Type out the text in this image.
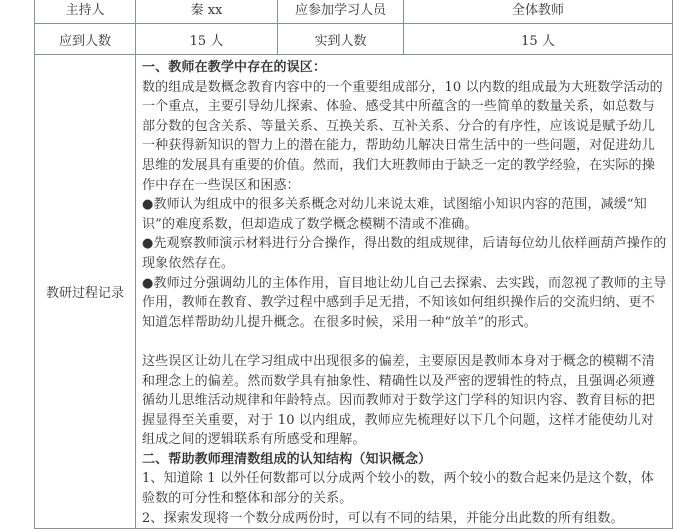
主持人	秦 xx	应参加学习人员	全体教师
应到人数	15 人	实到人数	15 人
教研过程记录	

一、教师在教学中存在的误区：

数的组成是数概念教育内容中的一个重要组成部分，10 以内数的组成最为大班数学活动的一个重点，主要引导幼儿探索、体验、感受其中所蕴含的一些简单的数量关系，如总数与部分数的包含关系、等量关系、互换关系、互补关系、分合的有序性，应该说是赋予幼儿一种获得新知识的智力上的潜在能力，帮助幼儿解决日常生活中的一些问题，对促进幼儿思维的发展具有重要的价值。然而，我们大班教师由于缺乏一定的教学经验，在实际的操作中存在一些误区和困惑：

●教师认为组成中的很多关系概念对幼儿来说太难，试图缩小知识内容的范围，减缓“知识”的难度系数，但却造成了数学概念模糊不清或不准确。

●先观察教师演示材料进行分合操作，得出数的组成规律，后请每位幼儿依样画葫芦操作的现象依然存在。

●教师过分强调幼儿的主体作用，盲目地让幼儿自己去探索、去实践，而忽视了教师的主导作用，教师在教育、教学过程中感到手足无措，不知该如何组织操作后的交流归纳、更不知道怎样帮助幼儿提升概念。在很多时候，采用一种“放羊”的形式。

这些误区让幼儿在学习组成中出现很多的偏差，主要原因是教师本身对于概念的模糊不清和理念上的偏差。然而数学具有抽象性、精确性以及严密的逻辑性的特点，且强调必须遵循幼儿思维活动规律和年龄特点。因而教师对于数学这门学科的知识内容、教育目标的把握显得至关重要，对于 10 以内组成，教师应先梳理好以下几个问题，这样才能使幼儿对组成之间的逻辑联系有所感受和理解。

二、帮助教师理清数组成的认知结构（知识概念）

1、知道除 1 以外任何数都可以分成两个较小的数，两个较小的数合起来仍是这个数，体验数的可分性和整体和部分的关系。

2、探索发现将一个数分成两份时，可以有不同的结果，并能分出此数的所有组数。
